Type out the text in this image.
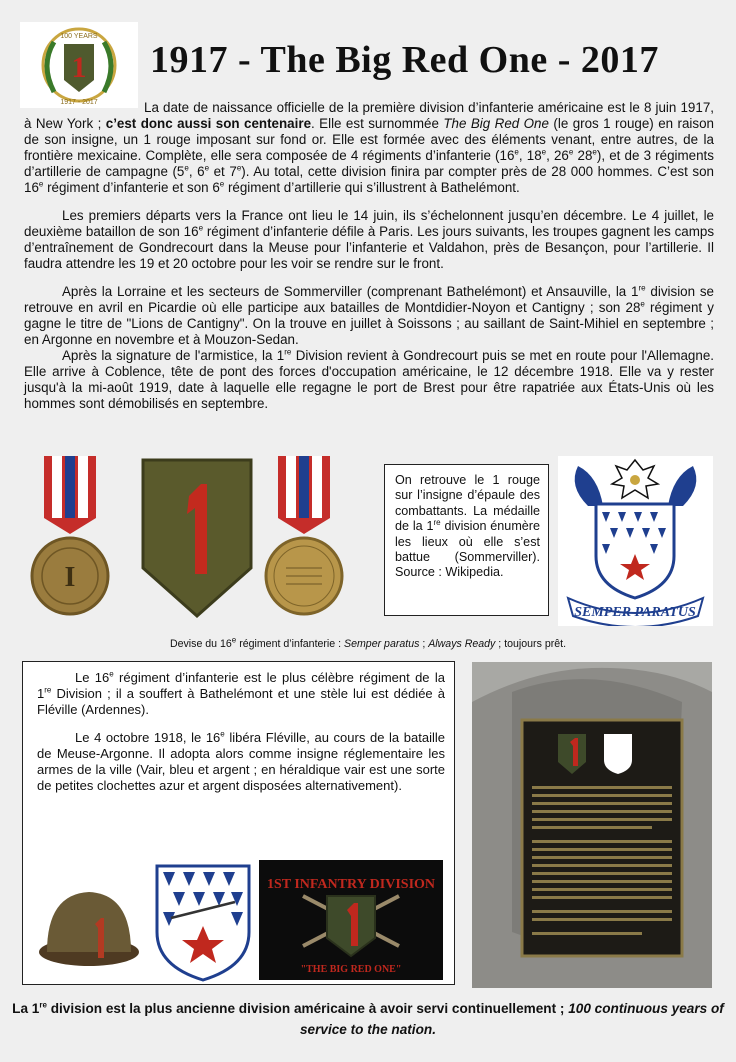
1
100 YEARS
1917 - 2017
1917 - The Big Red One - 2017

La date de naissance officielle de la première division d’infanterie américaine est le 8 juin 1917, à New York ; c’est donc aussi son centenaire. Elle est surnommée The Big Red One (le gros 1 rouge) en raison de son insigne, un 1 rouge imposant sur fond or. Elle est formée avec des éléments venant, entre autres, de la frontière mexicaine. Complète, elle sera composée de 4 régiments d’infanterie (16e, 18e, 26e 28e), et de 3 régiments d’artillerie de campagne (5e, 6e et 7e). Au total, cette division finira par compter près de 28 000 hommes. C’est son 16e régiment d’infanterie et son 6e régiment d’artillerie qui s’illustrent à Bathelémont.

Les premiers départs vers la France ont lieu le 14 juin, ils s’échelonnent jusqu’en décembre. Le 4 juillet, le deuxième bataillon de son 16e régiment d’infanterie défile à Paris. Les jours suivants, les troupes gagnent les camps d’entraînement de Gondrecourt dans la Meuse pour l’infanterie et Valdahon, près de Besançon, pour l’artillerie. Il faudra attendre les 19 et 20 octobre pour les voir se rendre sur le front.

Après la Lorraine et les secteurs de Sommerviller (comprenant Bathelémont) et Ansauville, la 1re division se retrouve en avril en Picardie où elle participe aux batailles de Montdidier-Noyon et Cantigny ; son 28e régiment y gagne le titre de "Lions de Cantigny". On la trouve en juillet à Soissons ; au saillant de Saint-Mihiel en septembre ; en Argonne en novembre et à Mouzon-Sedan.

Après la signature de l'armistice, la 1re Division revient à Gondrecourt puis se met en route pour l'Allemagne. Elle arrive à Coblence, tête de pont des forces d'occupation américaine, le 12 décembre 1918. Elle va y rester jusqu'à la mi-août 1919, date à laquelle elle regagne le port de Brest pour être rapatriée aux États-Unis où les hommes sont démobilisés en septembre.

I
On retrouve le 1 rouge sur l’insigne d’épaule des combattants. La médaille de la 1re division énumère les lieux où elle s’est battue (Sommerviller). Source : Wikipedia.
SEMPER PARATUS
Devise du 16e régiment d’infanterie : Semper paratus ; Always Ready ; toujours prêt.

Le 16e régiment d’infanterie est le plus célèbre régiment de la 1re Division ; il a souffert à Bathelémont et une stèle lui est dédiée à Fléville (Ardennes).

Le 4 octobre 1918, le 16e libéra Fléville, au cours de la bataille de Meuse-Argonne. Il adopta alors comme insigne réglementaire les armes de la ville (Vair, bleu et argent ; en héraldique vair est une sorte de petites clochettes azur et argent disposées alternativement).

1ST INFANTRY DIVISION
"THE BIG RED ONE"
La 1re division est la plus ancienne division américaine à avoir servi continuellement ; 100 continuous years of service to the nation.
